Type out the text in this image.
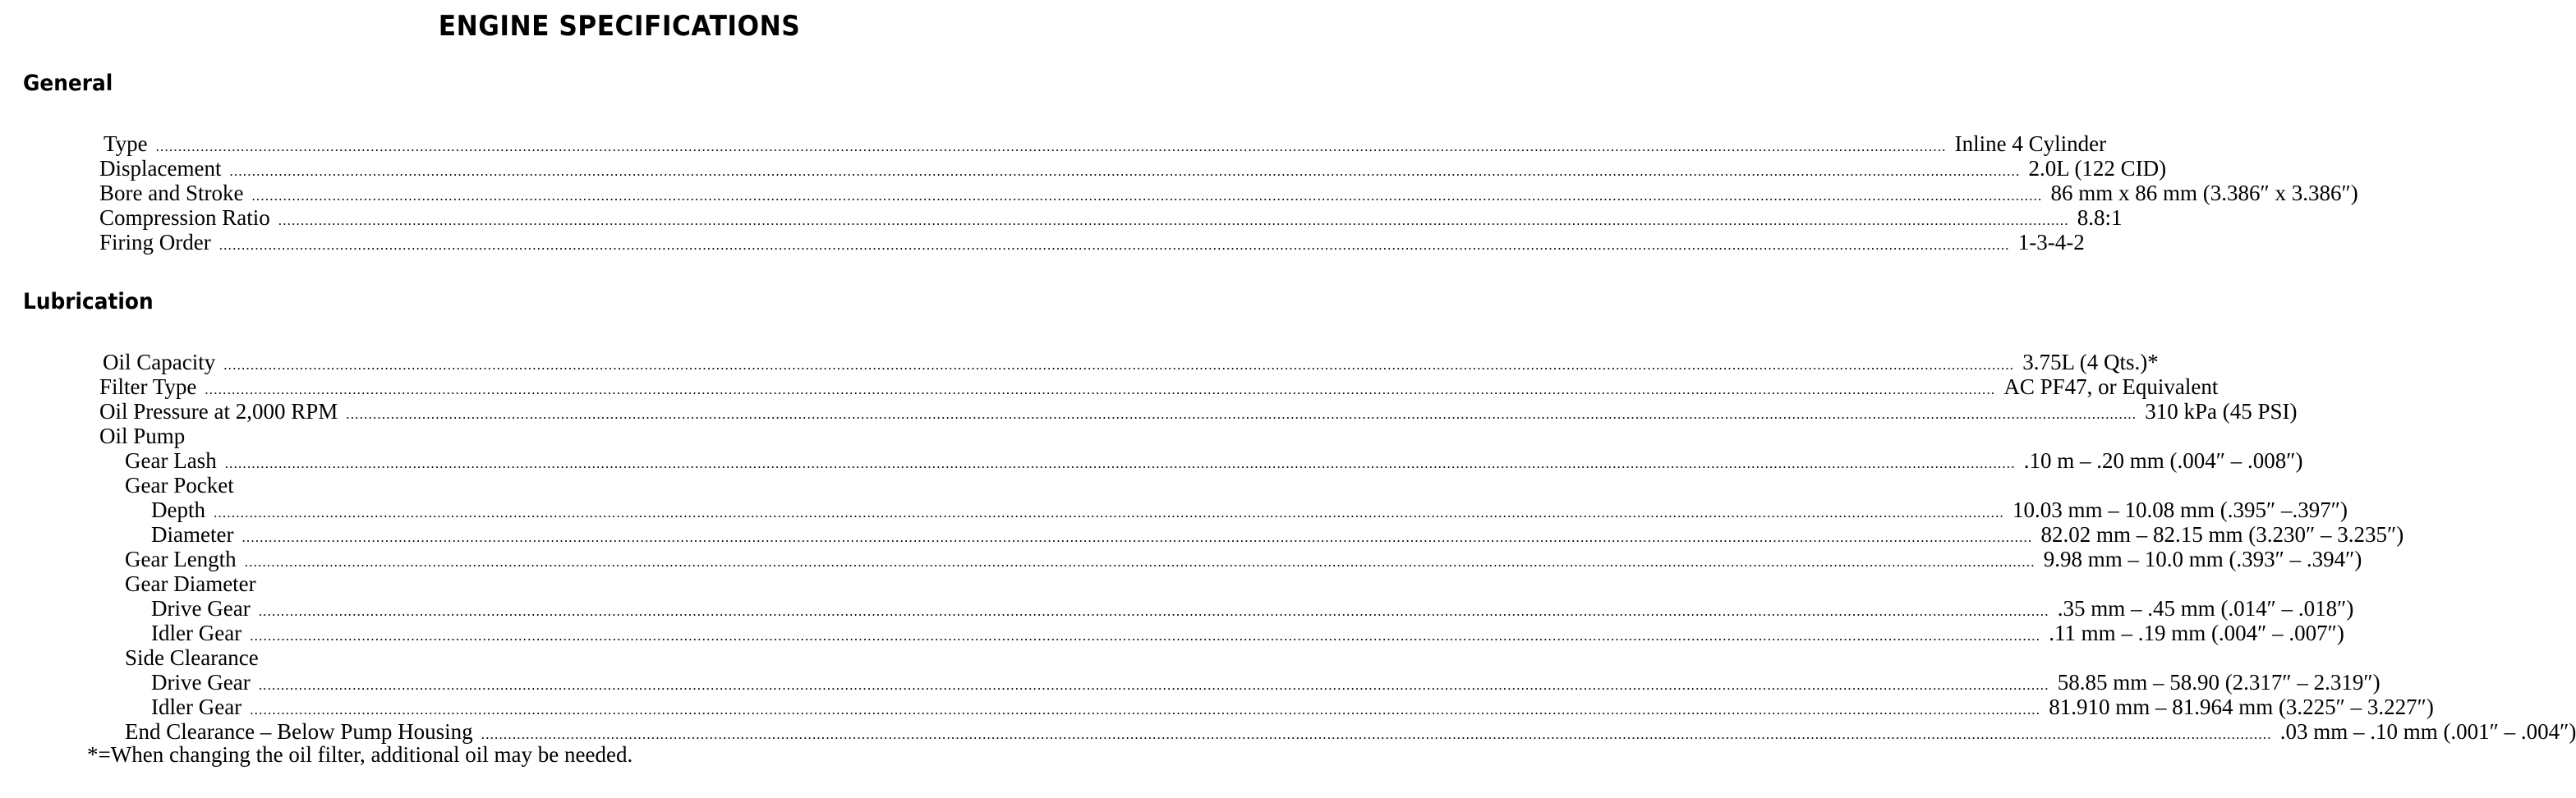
ENGINE SPECIFICATIONS
General
Type ................................................................................................................................................................................................................................................................................................................................................................................................................ Inline 4 Cylinder
Displacement ................................................................................................................................................................................................................................................................................................................................................................................................................ 2.0L (122 CID)
Bore and Stroke ................................................................................................................................................................................................................................................................................................................................................................................................................ 86 mm x 86 mm (3.386″ x 3.386″)
Compression Ratio ................................................................................................................................................................................................................................................................................................................................................................................................................ 8.8:1
Firing Order ................................................................................................................................................................................................................................................................................................................................................................................................................ 1-3-4-2
Lubrication
Oil Capacity ................................................................................................................................................................................................................................................................................................................................................................................................................ 3.75L (4 Qts.)*
Filter Type ................................................................................................................................................................................................................................................................................................................................................................................................................ AC PF47, or Equivalent
Oil Pressure at 2,000 RPM ................................................................................................................................................................................................................................................................................................................................................................................................................ 310 kPa (45 PSI)
Oil Pump
Gear Lash ................................................................................................................................................................................................................................................................................................................................................................................................................ .10 m – .20 mm (.004″ – .008″)
Gear Pocket
Depth ................................................................................................................................................................................................................................................................................................................................................................................................................ 10.03 mm – 10.08 mm (.395″ –.397″)
Diameter ................................................................................................................................................................................................................................................................................................................................................................................................................ 82.02 mm – 82.15 mm (3.230″ – 3.235″)
Gear Length ................................................................................................................................................................................................................................................................................................................................................................................................................ 9.98 mm – 10.0 mm (.393″ – .394″)
Gear Diameter
Drive Gear ................................................................................................................................................................................................................................................................................................................................................................................................................ .35 mm – .45 mm (.014″ – .018″)
Idler Gear ................................................................................................................................................................................................................................................................................................................................................................................................................ .11 mm – .19 mm (.004″ – .007″)
Side Clearance
Drive Gear ................................................................................................................................................................................................................................................................................................................................................................................................................ 58.85 mm – 58.90 (2.317″ – 2.319″)
Idler Gear ................................................................................................................................................................................................................................................................................................................................................................................................................ 81.910 mm – 81.964 mm (3.225″ – 3.227″)
End Clearance – Below Pump Housing ................................................................................................................................................................................................................................................................................................................................................................................................................ .03 mm – .10 mm (.001″ – .004″)
*=When changing the oil filter, additional oil may be needed.
